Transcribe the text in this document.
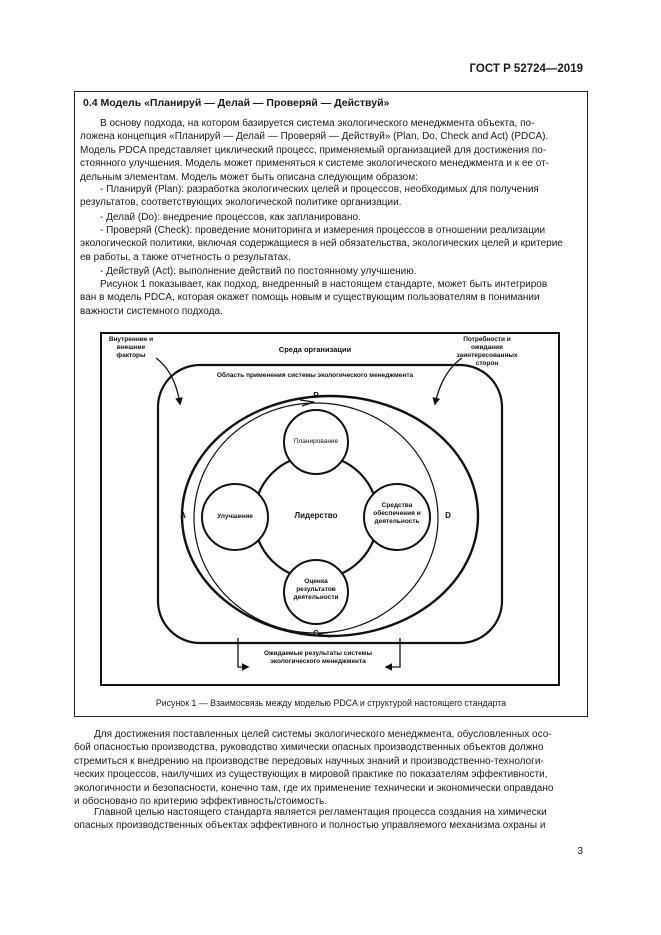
ГОСТ Р 52724—2019
0.4 Модель «Планируй — Делай — Проверяй — Действуй»

В основу подхода, на котором базируется система экологического менеджмента объекта, по-
ложена концепция «Планируй — Делай — Проверяй — Действуй» (Plan, Do, Check and Act) (PDCA).
Модель PDCA представляет циклический процесс, применяемый организацией для достижения по-
стоянного улучшения. Модель может применяться к системе экологического менеджмента и к ее от-
дельным элементам. Модель может быть описана следующим образом:

- Планируй (Plan): разработка экологических целей и процессов, необходимых для получения
результатов, соответствующих экологической политике организации.

- Делай (Do): внедрение процессов, как запланировано.

- Проверяй (Check): проведение мониторинга и измерения процессов в отношении реализации
экологической политики, включая содержащиеся в ней обязательства, экологических целей и критерие
ев работы, а также отчетность о результатах.

- Действуй (Act): выполнение действий по постоянному улучшению.

Рисунок 1 показывает, как подход, внедренный в настоящем стандарте, может быть интегриров
ван в модель PDCA, которая окажет помощь новым и существующим пользователям в понимании
важности системного подхода.

Внутренние и внешние факторы
Потребности и ожидания заинтересованных сторон
Среда организации
Область применения системы экологического менеджмента
Планирование
Лидерство
Улучшение
Средства обеспечения и деятельность
Оценка результатов деятельности
Ожидаемые результаты системы экологического менеджмента
P
D
C
A
Рисунок 1 — Взаимосвязь между моделью PDCA и структурой настоящего стандарта

Для достижения поставленных целей системы экологического менеджмента, обусловленных осо-
бой опасностью производства, руководство химически опасных производственных объектов должно
стремиться к внедрению на производстве передовых научных знаний и производственно-технологи-
ческих процессов, наилучших из существующих в мировой практике по показателям эффективности,
экологичности и безопасности, конечно там, где их применение технически и экономически оправдано
и обосновано по критерию эффективность/стоимость.

Главной целью настоящего стандарта является регламентация процесса создания на химически
опасных производственных объектах эффективного и полностью управляемого механизма охраны и

3
